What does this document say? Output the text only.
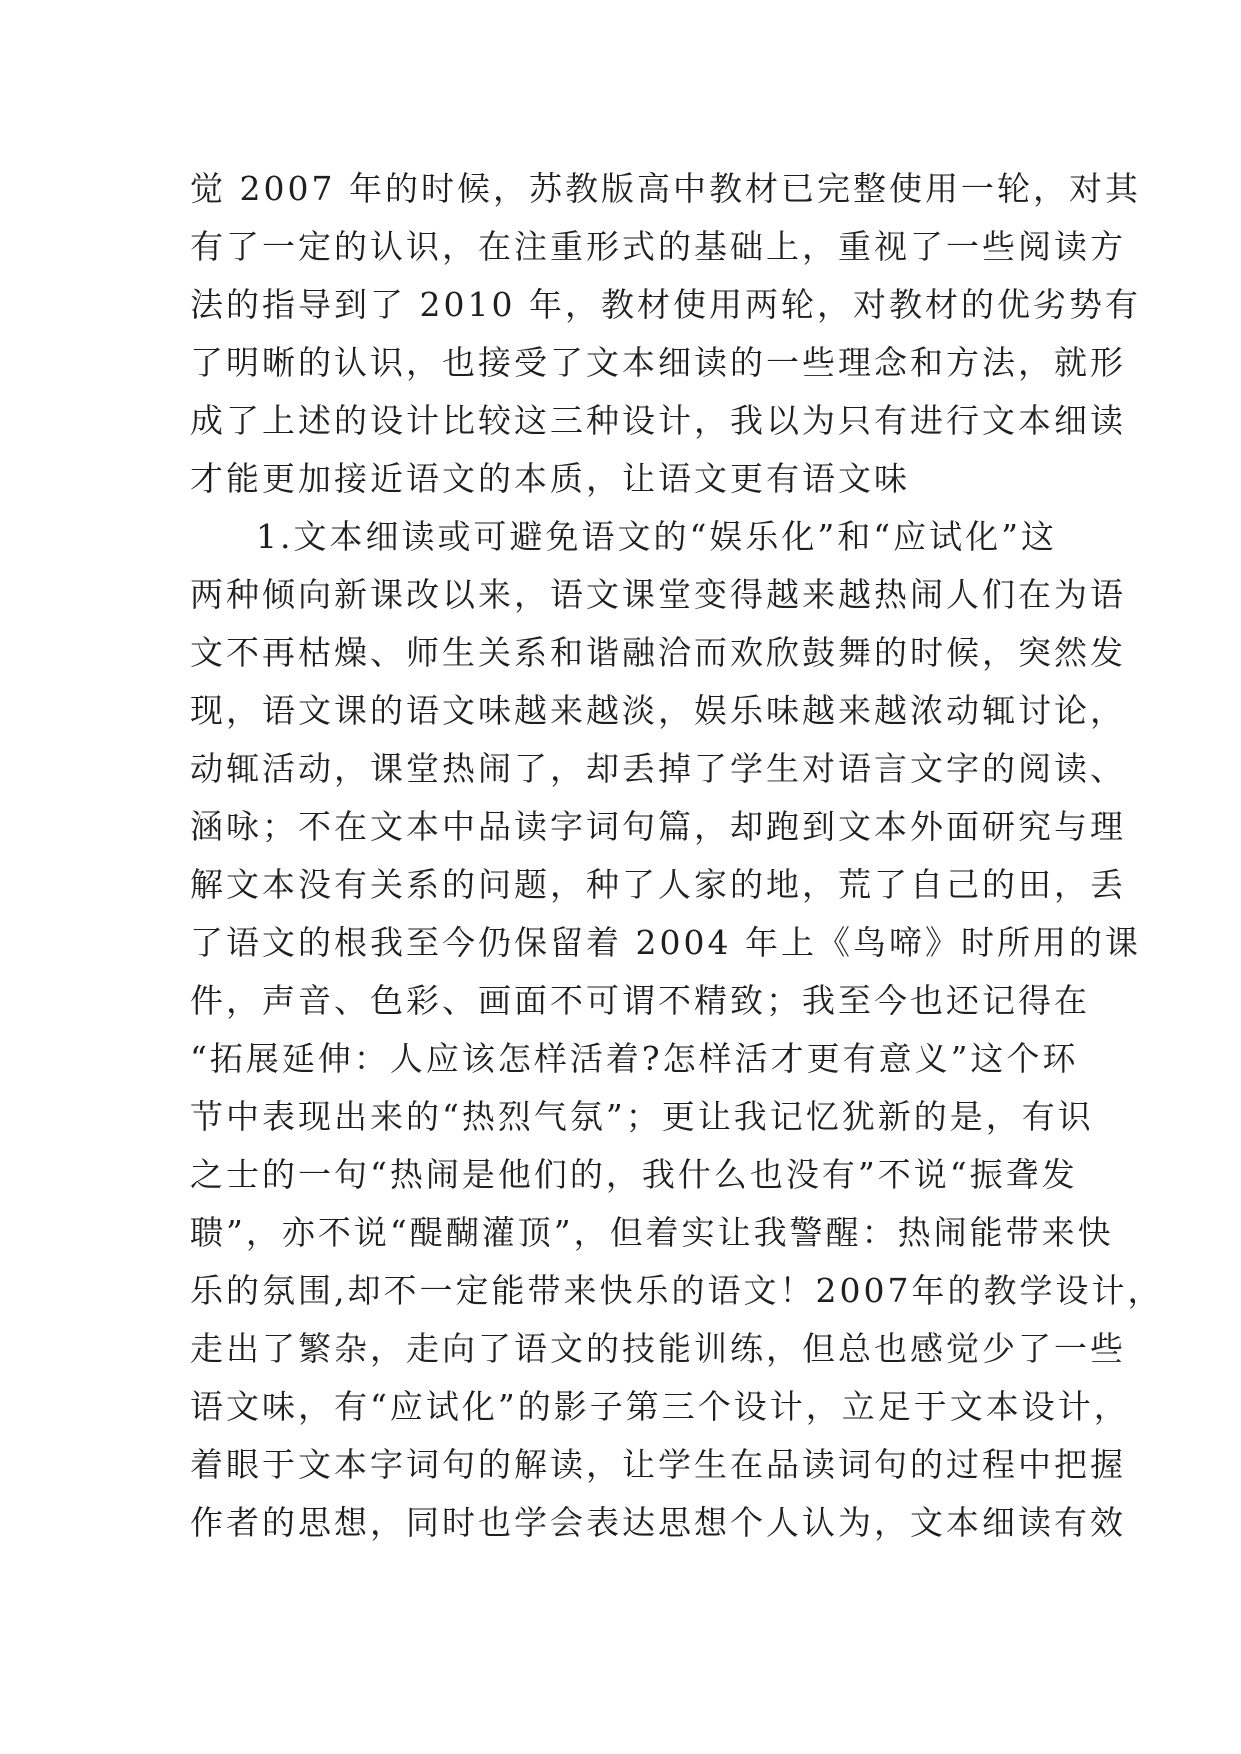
觉 2007 年的时候，苏教版高中教材已完整使用一轮，对其
有了一定的认识，在注重形式的基础上，重视了一些阅读方
法的指导到了 2010 年，教材使用两轮，对教材的优劣势有
了明晰的认识，也接受了文本细读的一些理念和方法，就形
成了上述的设计比较这三种设计，我以为只有进行文本细读
才能更加接近语文的本质，让语文更有语文味
1.文本细读或可避免语文的“娱乐化”和“应试化”这
两种倾向新课改以来，语文课堂变得越来越热闹人们在为语
文不再枯燥、师生关系和谐融洽而欢欣鼓舞的时候，突然发
现，语文课的语文味越来越淡，娱乐味越来越浓动辄讨论，
动辄活动，课堂热闹了，却丢掉了学生对语言文字的阅读、
涵咏；不在文本中品读字词句篇，却跑到文本外面研究与理
解文本没有关系的问题，种了人家的地，荒了自己的田，丢
了语文的根我至今仍保留着 2004 年上《鸟啼》时所用的课
件，声音、色彩、画面不可谓不精致；我至今也还记得在
“拓展延伸：人应该怎样活着?怎样活才更有意义”这个环
节中表现出来的“热烈气氛”；更让我记忆犹新的是，有识
之士的一句“热闹是他们的，我什么也没有”不说“振聋发
聩”，亦不说“醍醐灌顶”，但着实让我警醒：热闹能带来快
乐的氛围,却不一定能带来快乐的语文！2007年的教学设计，
走出了繁杂，走向了语文的技能训练，但总也感觉少了一些
语文味，有“应试化”的影子第三个设计，立足于文本设计，
着眼于文本字词句的解读，让学生在品读词句的过程中把握
作者的思想，同时也学会表达思想个人认为，文本细读有效
